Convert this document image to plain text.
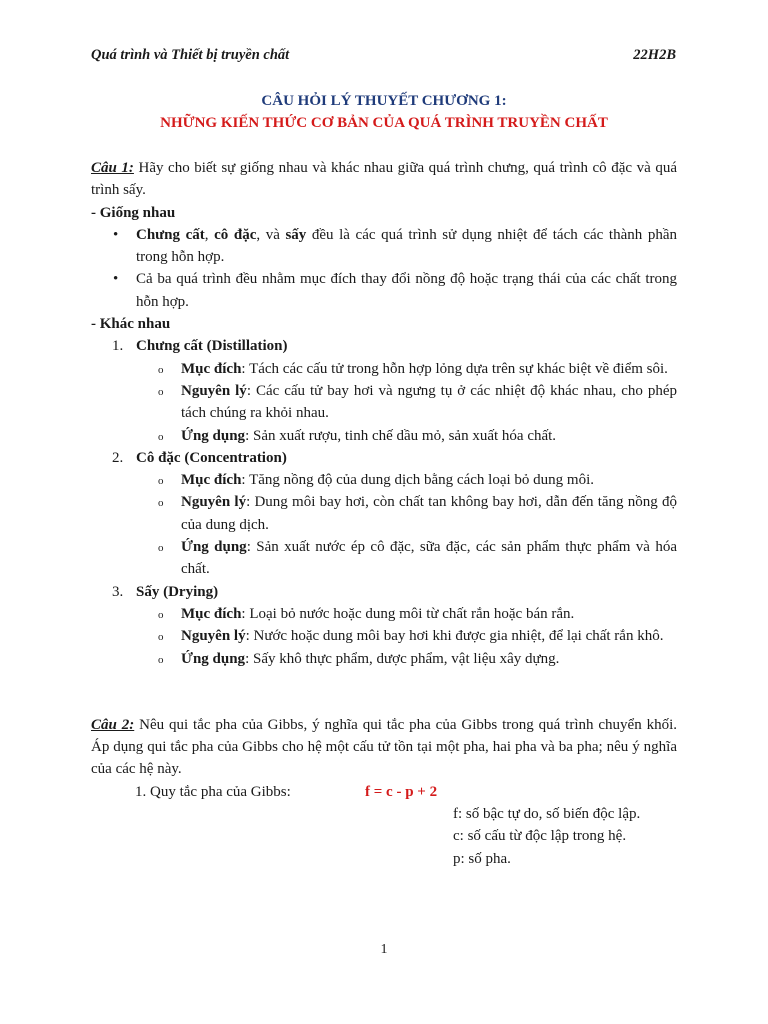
Quá trình và Thiết bị truyền chất	22H2B
CÂU HỎI LÝ THUYẾT CHƯƠNG 1:
NHỮNG KIẾN THỨC CƠ BẢN CỦA QUÁ TRÌNH TRUYỀN CHẤT

Câu 1: Hãy cho biết sự giống nhau và khác nhau giữa quá trình chưng, quá trình cô đặc và quá trình sấy.

- Giống nhau
• Chưng cất, cô đặc, và sấy đều là các quá trình sử dụng nhiệt để tách các thành phần trong hỗn hợp.
• Cả ba quá trình đều nhằm mục đích thay đổi nồng độ hoặc trạng thái của các chất trong hỗn hợp.
- Khác nhau
1. Chưng cất (Distillation)
o Mục đích: Tách các cấu tử trong hỗn hợp lỏng dựa trên sự khác biệt về điểm sôi.
o Nguyên lý: Các cấu tử bay hơi và ngưng tụ ở các nhiệt độ khác nhau, cho phép tách chúng ra khỏi nhau.
o Ứng dụng: Sản xuất rượu, tinh chế dầu mỏ, sản xuất hóa chất.
2. Cô đặc (Concentration)
o Mục đích: Tăng nồng độ của dung dịch bằng cách loại bỏ dung môi.
o Nguyên lý: Dung môi bay hơi, còn chất tan không bay hơi, dẫn đến tăng nồng độ của dung dịch.
o Ứng dụng: Sản xuất nước ép cô đặc, sữa đặc, các sản phẩm thực phẩm và hóa chất.
3. Sấy (Drying)
o Mục đích: Loại bỏ nước hoặc dung môi từ chất rắn hoặc bán rắn.
o Nguyên lý: Nước hoặc dung môi bay hơi khi được gia nhiệt, để lại chất rắn khô.
o Ứng dụng: Sấy khô thực phẩm, dược phẩm, vật liệu xây dựng.

Câu 2: Nêu qui tắc pha của Gibbs, ý nghĩa qui tắc pha của Gibbs trong quá trình chuyển khối. Áp dụng qui tắc pha của Gibbs cho hệ một cấu tử tồn tại một pha, hai pha và ba pha; nêu ý nghĩa của các hệ này.

1. Quy tắc pha của Gibbs:	f = c - p + 2
f: số bậc tự do, số biến độc lập.
c: số cấu từ độc lập trong hệ.
p: số pha.
1
